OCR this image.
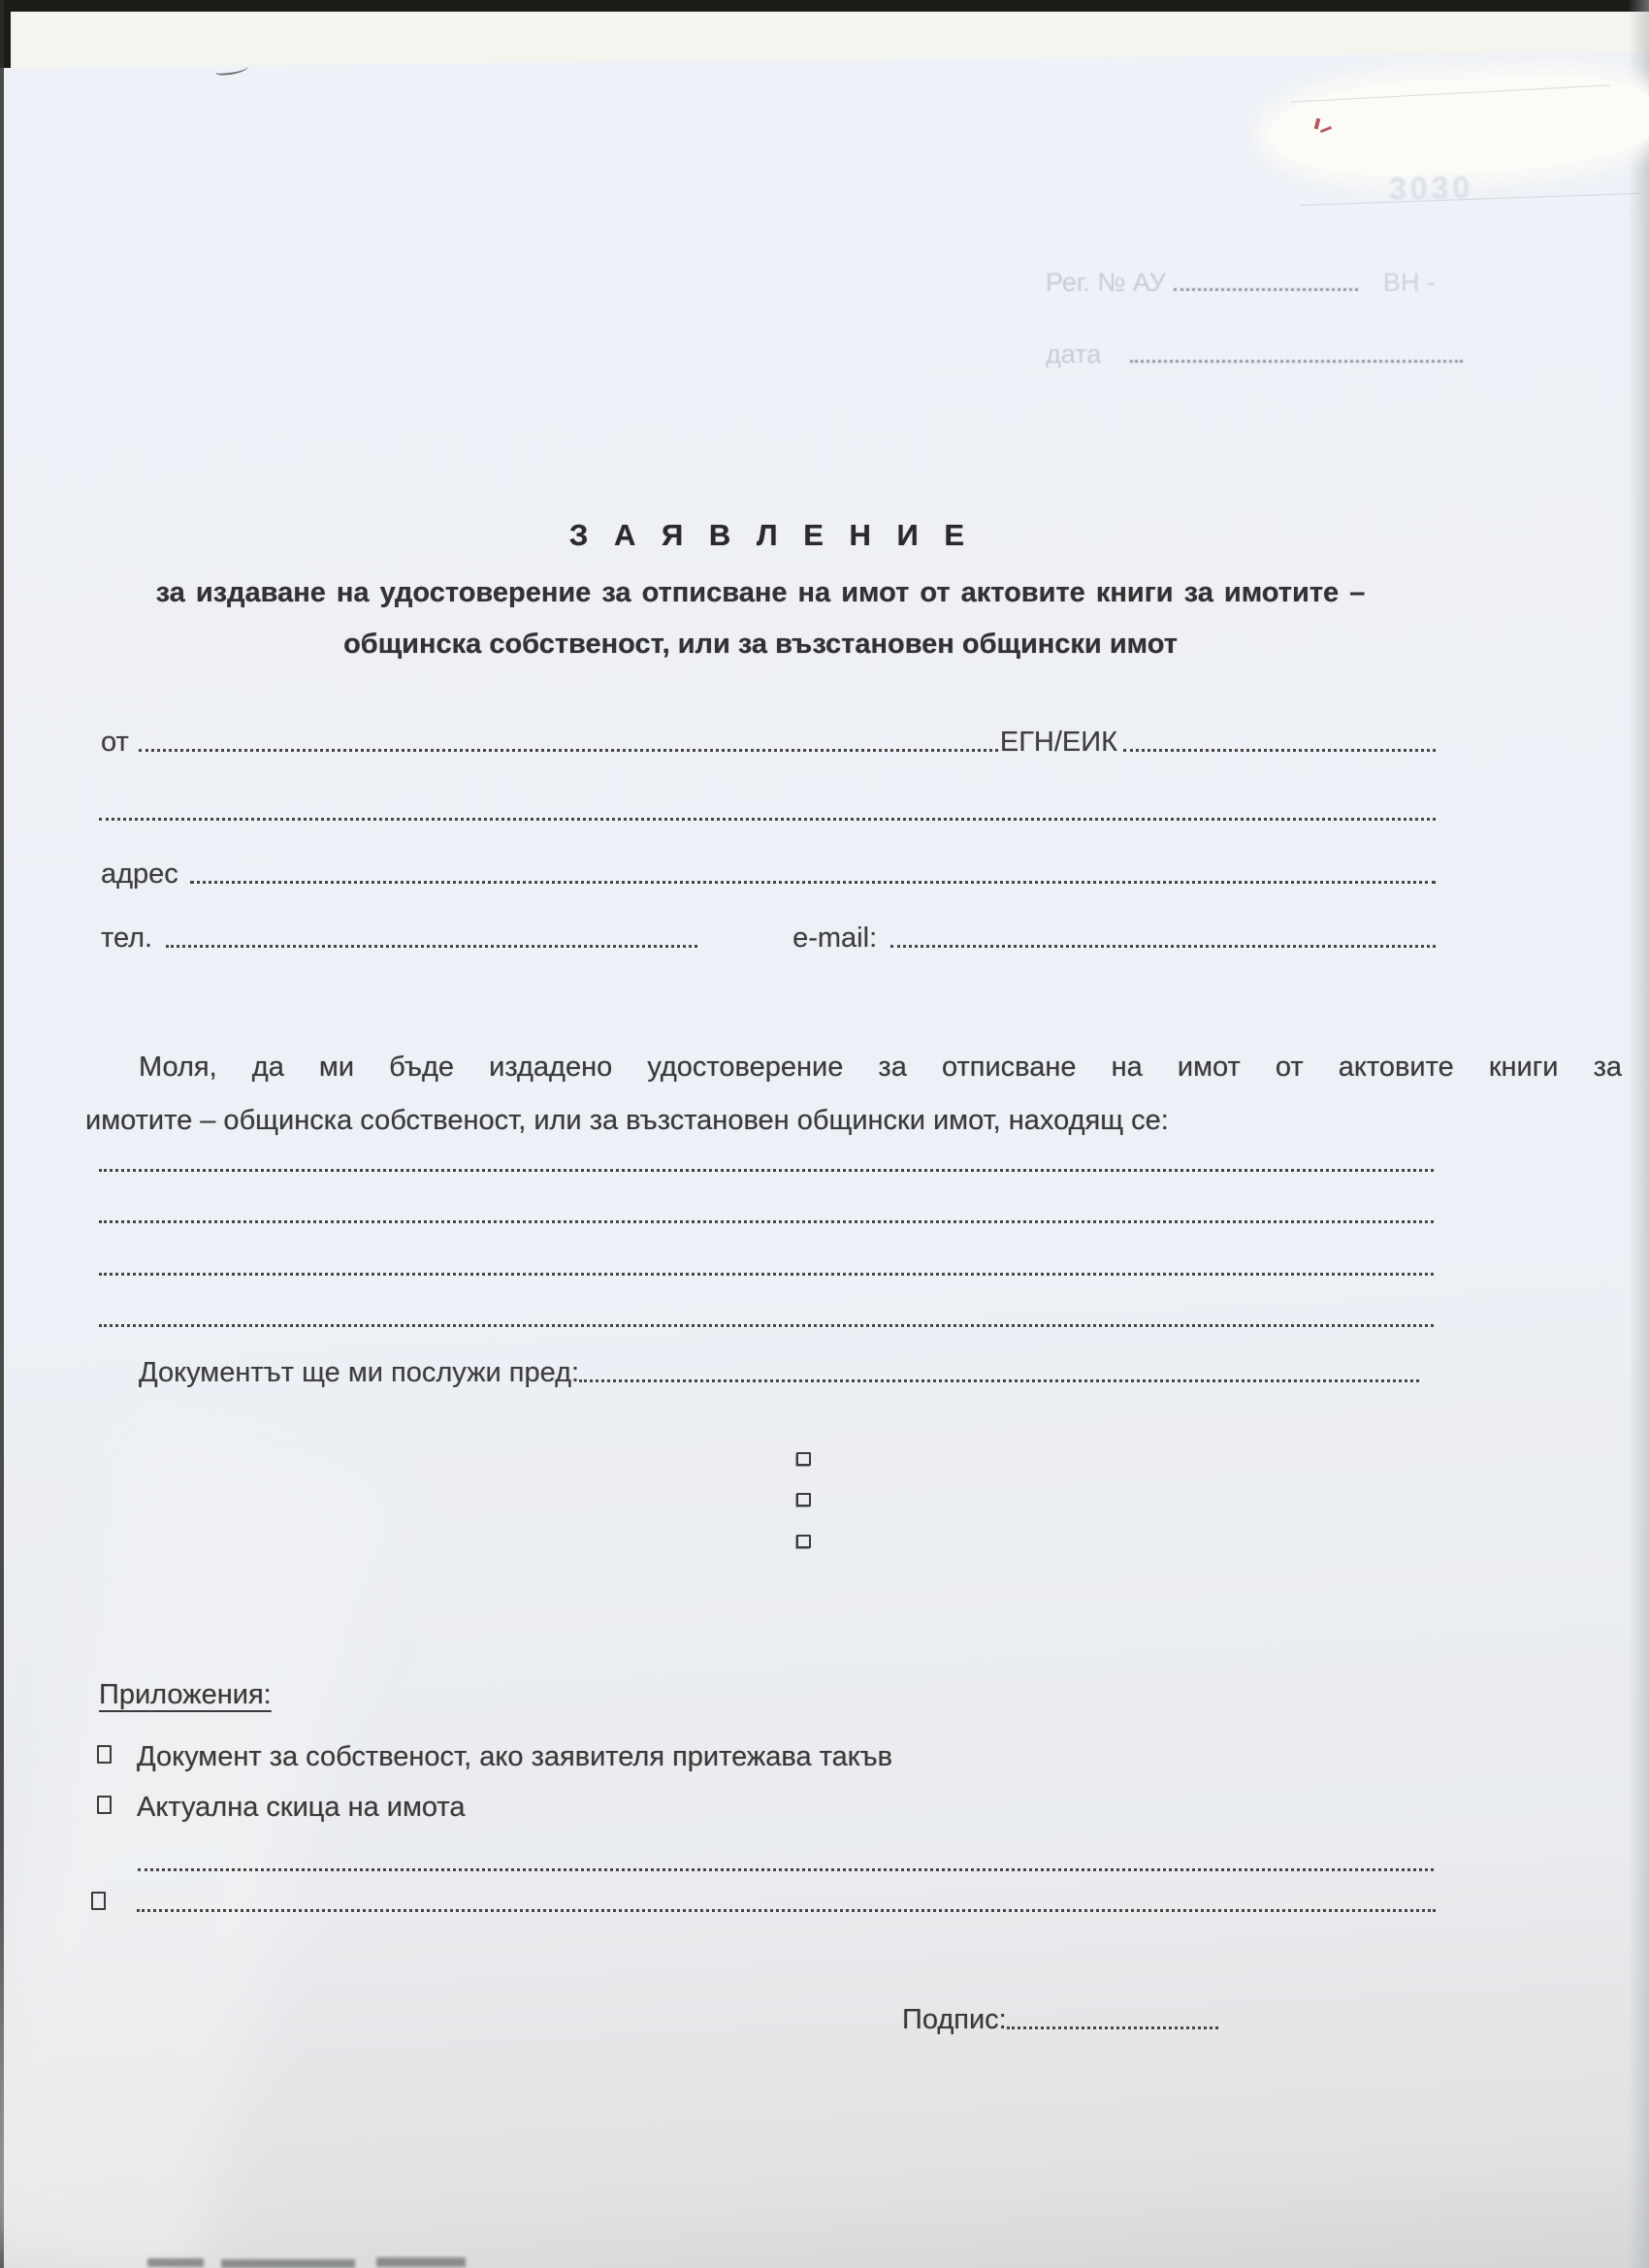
3030
Рег. № АУ	ВН -
дата
З А Я В Л Е Н И Е
за издаване на удостоверение за отписване на имот от актовите книги за имотите –
общинска собственост, или за възстановен общински имот
от	ЕГН/ЕИК
адрес
тел.	e-mail:
Моля,  да  ми  бъде  издадено  удостоверение  за  отписване  на  имот  от  актовите  книги  за
имотите – общинска собственост, или за възстановен общински имот, находящ се:
Документът ще ми послужи пред:
Приложения:
Документ за собственост, ако заявителя притежава такъв
Актуална скица на имота
Подпис:
